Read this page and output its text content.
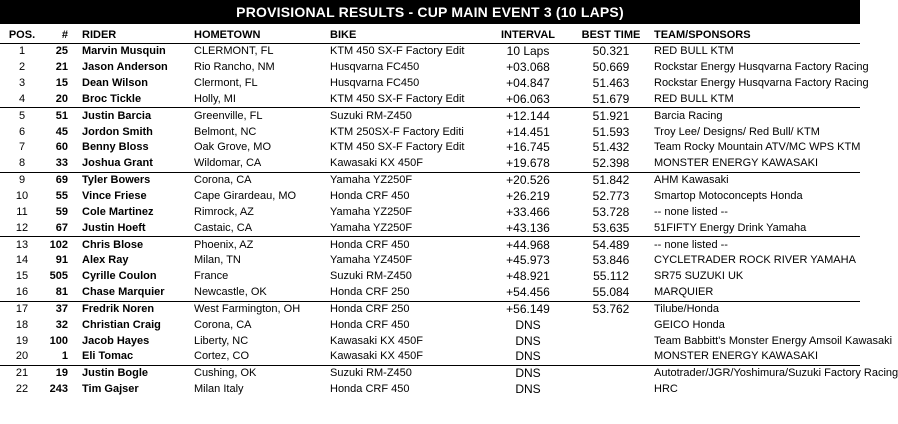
PROVISIONAL RESULTS - CUP MAIN EVENT 3 (10 LAPS)
POS.	#	RIDER	HOMETOWN	BIKE	INTERVAL	BEST TIME	TEAM/SPONSORS
1	25	Marvin Musquin	CLERMONT, FL	KTM 450 SX-F Factory Edit	10 Laps	50.321	RED BULL KTM
2	21	Jason Anderson	Rio Rancho, NM	Husqvarna FC450	+03.068	50.669	Rockstar Energy Husqvarna Factory Racing
3	15	Dean Wilson	Clermont, FL	Husqvarna FC450	+04.847	51.463	Rockstar Energy Husqvarna Factory Racing
4	20	Broc Tickle	Holly, MI	KTM 450 SX-F Factory Edit	+06.063	51.679	RED BULL KTM
5	51	Justin Barcia	Greenville, FL	Suzuki RM-Z450	+12.144	51.921	Barcia Racing
6	45	Jordon Smith	Belmont, NC	KTM 250SX-F Factory Editi	+14.451	51.593	Troy Lee/ Designs/ Red Bull/ KTM
7	60	Benny Bloss	Oak Grove, MO	KTM 450 SX-F Factory Edit	+16.745	51.432	Team Rocky Mountain ATV/MC WPS KTM
8	33	Joshua Grant	Wildomar, CA	Kawasaki KX 450F	+19.678	52.398	MONSTER ENERGY KAWASAKI
9	69	Tyler Bowers	Corona, CA	Yamaha YZ250F	+20.526	51.842	AHM Kawasaki
10	55	Vince Friese	Cape Girardeau, MO	Honda CRF 450	+26.219	52.773	Smartop Motoconcepts Honda
11	59	Cole Martinez	Rimrock, AZ	Yamaha YZ250F	+33.466	53.728	-- none listed --
12	67	Justin Hoeft	Castaic, CA	Yamaha YZ250F	+43.136	53.635	51FIFTY Energy Drink Yamaha
13	102	Chris Blose	Phoenix, AZ	Honda CRF 450	+44.968	54.489	-- none listed --
14	91	Alex Ray	Milan, TN	Yamaha YZ450F	+45.973	53.846	CYCLETRADER ROCK RIVER YAMAHA
15	505	Cyrille Coulon	France	Suzuki RM-Z450	+48.921	55.112	SR75 SUZUKI UK
16	81	Chase Marquier	Newcastle, OK	Honda CRF 250	+54.456	55.084	MARQUIER
17	37	Fredrik Noren	West Farmington, OH	Honda CRF 250	+56.149	53.762	Tilube/Honda
18	32	Christian Craig	Corona, CA	Honda CRF 450	DNS		GEICO Honda
19	100	Jacob Hayes	Liberty, NC	Kawasaki KX 450F	DNS		Team Babbitt's Monster Energy Amsoil Kawasaki
20	1	Eli Tomac	Cortez, CO	Kawasaki KX 450F	DNS		MONSTER ENERGY KAWASAKI
21	19	Justin Bogle	Cushing, OK	Suzuki RM-Z450	DNS		Autotrader/JGR/Yoshimura/Suzuki Factory Racing
22	243	Tim Gajser	Milan Italy	Honda CRF 450	DNS		HRC
